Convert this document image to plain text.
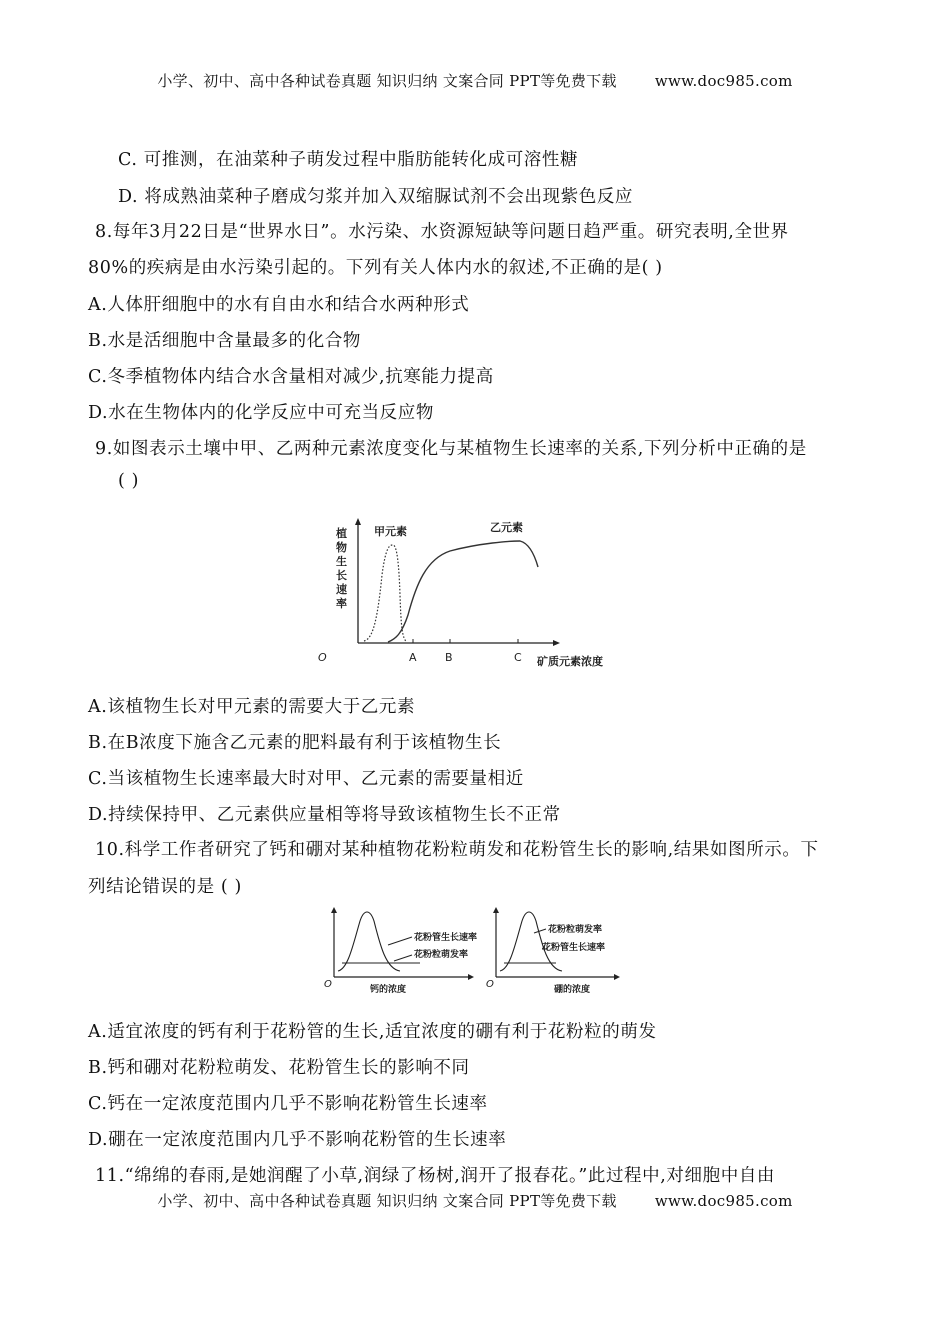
小学、初中、高中各种试卷真题 知识归纳 文案合同 PPT等免费下载	www.doc985.com
C. 可推测，在油菜种子萌发过程中脂肪能转化成可溶性糖
D. 将成熟油菜种子磨成匀浆并加入双缩脲试剂不会出现紫色反应
8.每年3月22日是“世界水日”。水污染、水资源短缺等问题日趋严重。研究表明,全世界
80%的疾病是由水污染引起的。下列有关人体内水的叙述,不正确的是( )
A.人体肝细胞中的水有自由水和结合水两种形式
B.水是活细胞中含量最多的化合物
C.冬季植物体内结合水含量相对减少,抗寒能力提高
D.水在生物体内的化学反应中可充当反应物
9.如图表示土壤中甲、乙两种元素浓度变化与某植物生长速率的关系,下列分析中正确的是
( )
植
物
生
长
速
率
O	A	B	C 矿质元素浓度
甲元素	乙元素
A.该植物生长对甲元素的需要大于乙元素
B.在B浓度下施含乙元素的肥料最有利于该植物生长
C.当该植物生长速率最大时对甲、乙元素的需要量相近
D.持续保持甲、乙元素供应量相等将导致该植物生长不正常
10.科学工作者研究了钙和硼对某种植物花粉粒萌发和花粉管生长的影响,结果如图所示。下
列结论错误的是 ( )
花粉管生长速率
花粉粒萌发率
钙的浓度
O
花粉粒萌发率
花粉管生长速率
硼的浓度
O
A.适宜浓度的钙有利于花粉管的生长,适宜浓度的硼有利于花粉粒的萌发
B.钙和硼对花粉粒萌发、花粉管生长的影响不同
C.钙在一定浓度范围内几乎不影响花粉管生长速率
D.硼在一定浓度范围内几乎不影响花粉管的生长速率
11.“绵绵的春雨,是她润醒了小草,润绿了杨树,润开了报春花。”此过程中,对细胞中自由
小学、初中、高中各种试卷真题 知识归纳 文案合同 PPT等免费下载	www.doc985.com
